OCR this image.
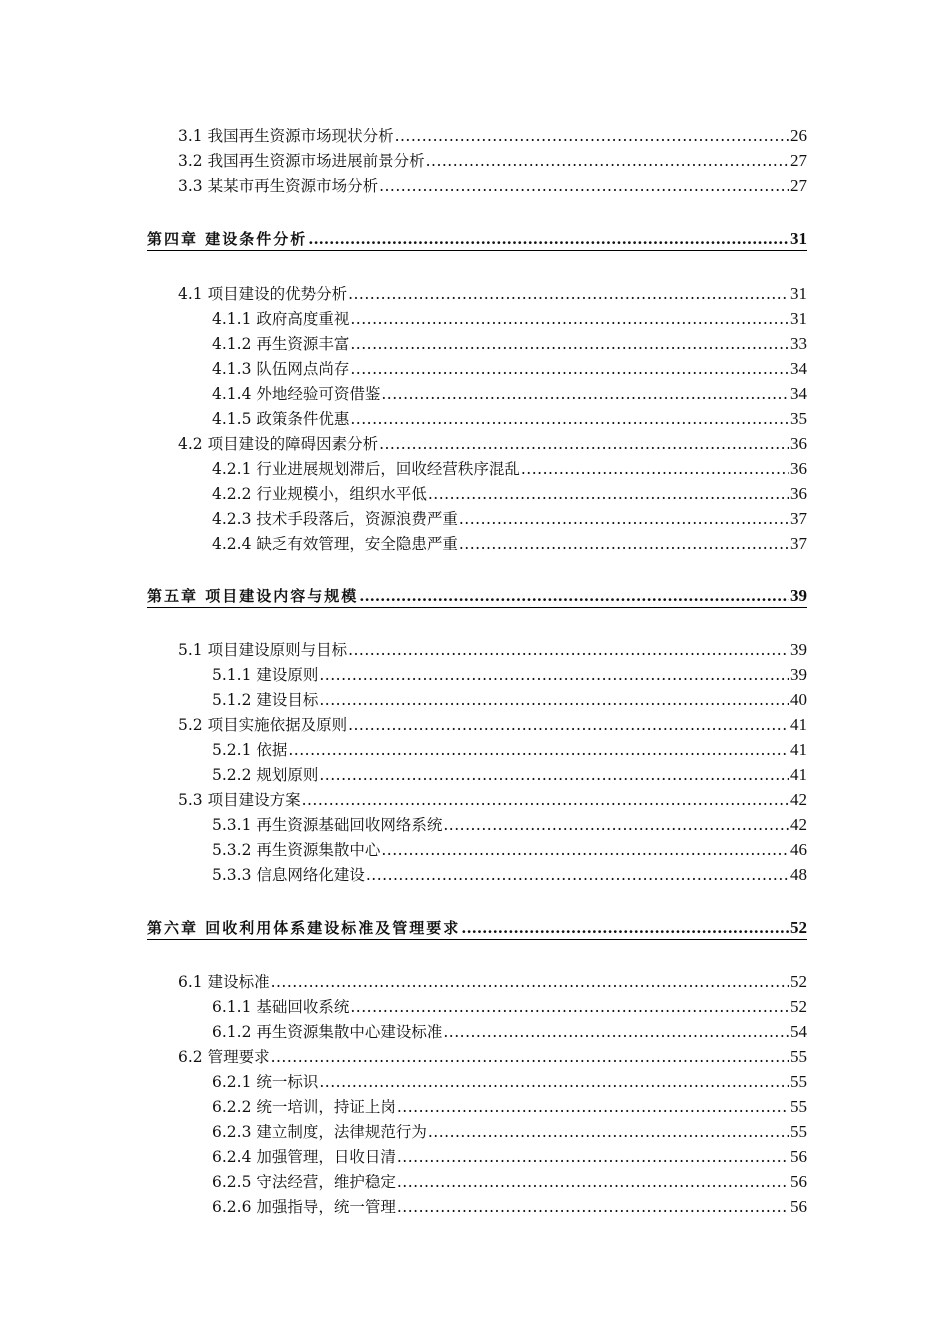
3.1 我国再生资源市场现状分析 .....	26
3.2 我国再生资源市场进展前景分析 .....	27
3.3 某某市再生资源市场分析 .....	27
第四章 建设条件分析 .....	31
4.1 项目建设的优势分析 .....	31
4.1.1 政府高度重视 .....	31
4.1.2 再生资源丰富 .....	33
4.1.3 队伍网点尚存 .....	34
4.1.4 外地经验可资借鉴 .....	34
4.1.5 政策条件优惠 .....	35
4.2 项目建设的障碍因素分析 .....	36
4.2.1 行业进展规划滞后，回收经营秩序混乱 .....	36
4.2.2 行业规模小，组织水平低 .....	36
4.2.3 技术手段落后，资源浪费严重 .....	37
4.2.4 缺乏有效管理，安全隐患严重 .....	37
第五章 项目建设内容与规模 .....	39
5.1 项目建设原则与目标 .....	39
5.1.1 建设原则 .....	39
5.1.2 建设目标 .....	40
5.2 项目实施依据及原则 .....	41
5.2.1 依据 .....	41
5.2.2 规划原则 .....	41
5.3 项目建设方案 .....	42
5.3.1 再生资源基础回收网络系统 .....	42
5.3.2 再生资源集散中心 .....	46
5.3.3 信息网络化建设 .....	48
第六章 回收利用体系建设标准及管理要求 .....	52
6.1 建设标准 .....	52
6.1.1 基础回收系统 .....	52
6.1.2 再生资源集散中心建设标准 .....	54
6.2 管理要求 .....	55
6.2.1 统一标识 .....	55
6.2.2 统一培训，持证上岗 .....	55
6.2.3 建立制度，法律规范行为 .....	55
6.2.4 加强管理，日收日清 .....	56
6.2.5 守法经营，维护稳定 .....	56
6.2.6 加强指导，统一管理 .....	56
